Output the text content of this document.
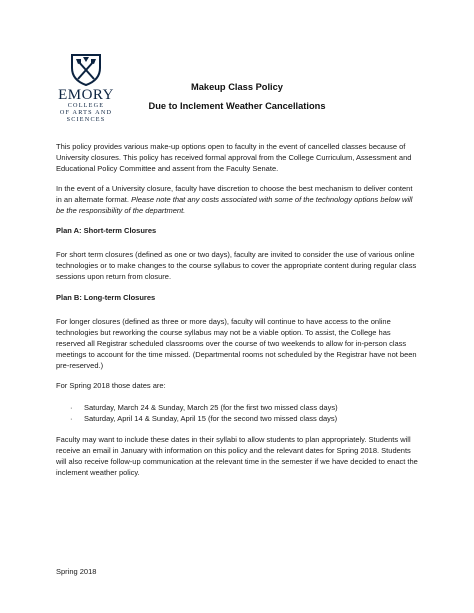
EMORY
COLLEGE
OF ARTS AND
SCIENCES
Makeup Class Policy
Due to Inclement Weather Cancellations
This policy provides various make-up options open to faculty in the event of cancelled classes because of University closures. This policy has received formal approval from the College Curriculum, Assessment and Educational Policy Committee and assent from the Faculty Senate.
In the event of a University closure, faculty have discretion to choose the best mechanism to deliver content in an alternate format. Please note that any costs associated with some of the technology options below will be the responsibility of the department.
Plan A: Short-term Closures
For short term closures (defined as one or two days), faculty are invited to consider the use of various online technologies or to make changes to the course syllabus to cover the appropriate content during regular class sessions upon return from closure.
Plan B: Long-term Closures
For longer closures (defined as three or more days), faculty will continue to have access to the online technologies but reworking the course syllabus may not be a viable option. To assist, the College has reserved all Registrar scheduled classrooms over the course of two weekends to allow for in-person class meetings to account for the time missed. (Departmental rooms not scheduled by the Registrar have not been pre-reserved.)
For Spring 2018 those dates are:
·	Saturday, March 24 & Sunday, March 25 (for the first two missed class days)
·	Saturday, April 14 & Sunday, April 15 (for the second two missed class days)
Faculty may want to include these dates in their syllabi to allow students to plan appropriately. Students will receive an email in January with information on this policy and the relevant dates for Spring 2018. Students will also receive follow-up communication at the relevant time in the semester if we have decided to enact the inclement weather policy.
Spring 2018
